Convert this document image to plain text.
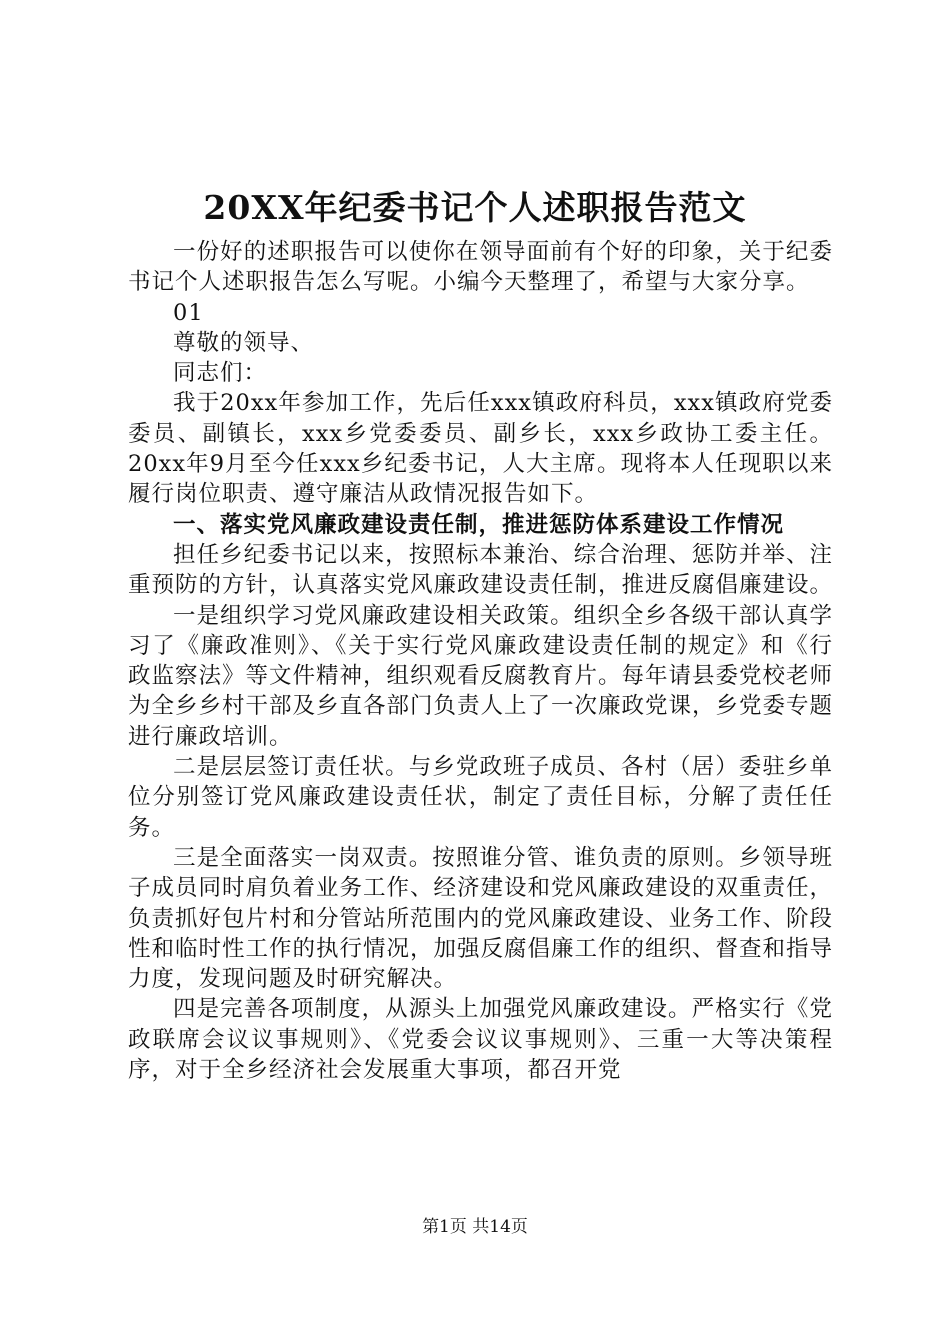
20XX年纪委书记个人述职报告范文

一份好的述职报告可以使你在领导面前有个好的印象，关于纪委书记个人述职报告怎么写呢。小编今天整理了，希望与大家分享。

01

尊敬的领导、

同志们：

我于20xx年参加工作，先后任xxx镇政府科员，xxx镇政府党委委员、副镇长，xxx乡党委委员、副乡长，xxx乡政协工委主任。20xx年9月至今任xxx乡纪委书记，人大主席。现将本人任现职以来履行岗位职责、遵守廉洁从政情况报告如下。

一、落实党风廉政建设责任制，推进惩防体系建设工作情况

担任乡纪委书记以来，按照标本兼治、综合治理、惩防并举、注重预防的方针，认真落实党风廉政建设责任制，推进反腐倡廉建设。

一是组织学习党风廉政建设相关政策。组织全乡各级干部认真学习了《廉政准则》、《关于实行党风廉政建设责任制的规定》和《行政监察法》等文件精神，组织观看反腐教育片。每年请县委党校老师为全乡乡村干部及乡直各部门负责人上了一次廉政党课，乡党委专题进行廉政培训。

二是层层签订责任状。与乡党政班子成员、各村（居）委驻乡单位分别签订党风廉政建设责任状，制定了责任目标，分解了责任任务。

三是全面落实一岗双责。按照谁分管、谁负责的原则。乡领导班子成员同时肩负着业务工作、经济建设和党风廉政建设的双重责任，负责抓好包片村和分管站所范围内的党风廉政建设、业务工作、阶段性和临时性工作的执行情况，加强反腐倡廉工作的组织、督查和指导力度，发现问题及时研究解决。

四是完善各项制度，从源头上加强党风廉政建设。严格实行《党政联席会议议事规则》、《党委会议议事规则》、三重一大等决策程序，对于全乡经济社会发展重大事项，都召开党

第1页 共14页
